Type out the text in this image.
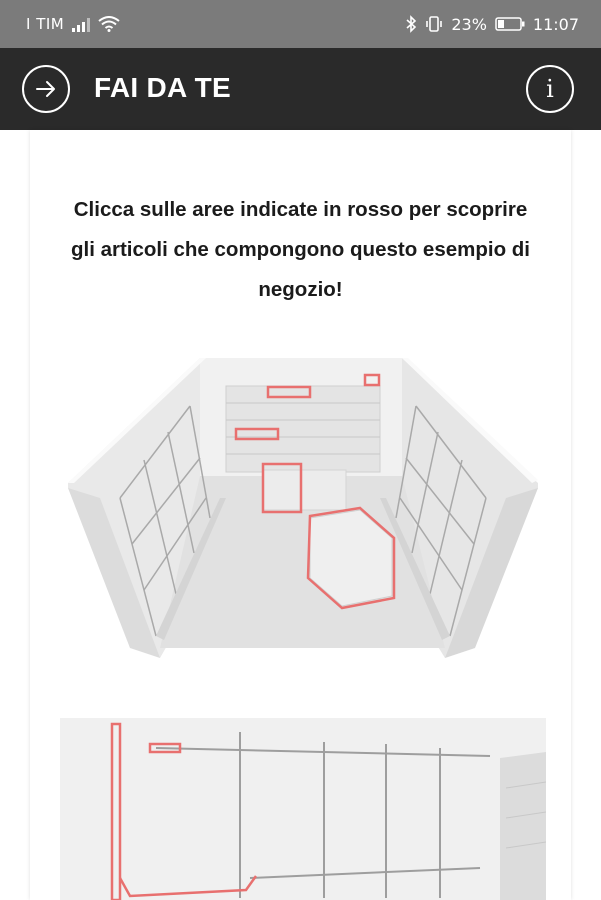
I TIM	23%	11:07
FAI DA TE	i
Clicca sulle aree indicate in rosso per scoprire gli articoli che compongono questo esempio di negozio!
